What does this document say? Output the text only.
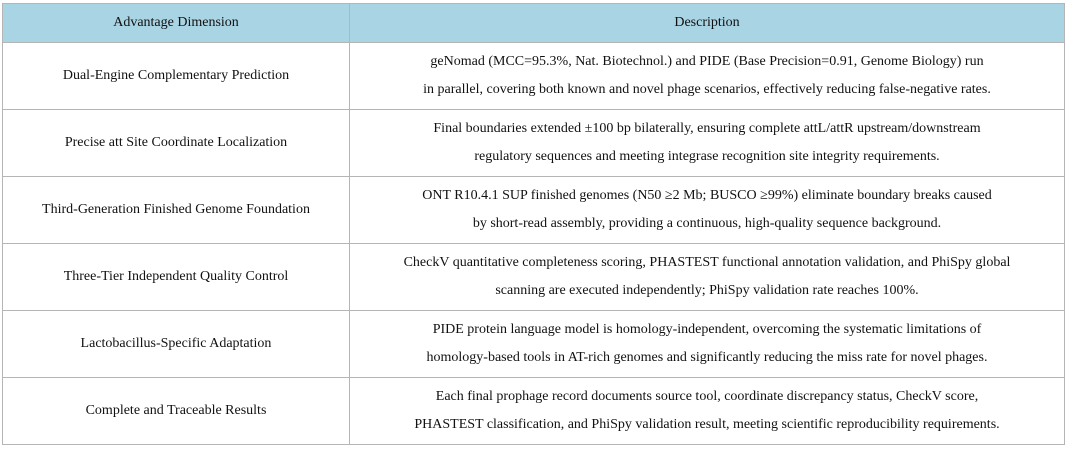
Advantage Dimension	Description
Dual-Engine Complementary Prediction	geNomad (MCC=95.3%, Nat. Biotechnol.) and PIDE (Base Precision=0.91, Genome Biology) run
in parallel, covering both known and novel phage scenarios, effectively reducing false-negative rates.

Precise att Site Coordinate Localization	Final boundaries extended ±100 bp bilaterally, ensuring complete attL/attR upstream/downstream
regulatory sequences and meeting integrase recognition site integrity requirements.

Third-Generation Finished Genome Foundation	ONT R10.4.1 SUP finished genomes (N50 ≥2 Mb; BUSCO ≥99%) eliminate boundary breaks caused
by short-read assembly, providing a continuous, high-quality sequence background.

Three-Tier Independent Quality Control	CheckV quantitative completeness scoring, PHASTEST functional annotation validation, and PhiSpy global
scanning are executed independently; PhiSpy validation rate reaches 100%.

Lactobacillus-Specific Adaptation	PIDE protein language model is homology-independent, overcoming the systematic limitations of
homology-based tools in AT-rich genomes and significantly reducing the miss rate for novel phages.

Complete and Traceable Results	Each final prophage record documents source tool, coordinate discrepancy status, CheckV score,
PHASTEST classification, and PhiSpy validation result, meeting scientific reproducibility requirements.
